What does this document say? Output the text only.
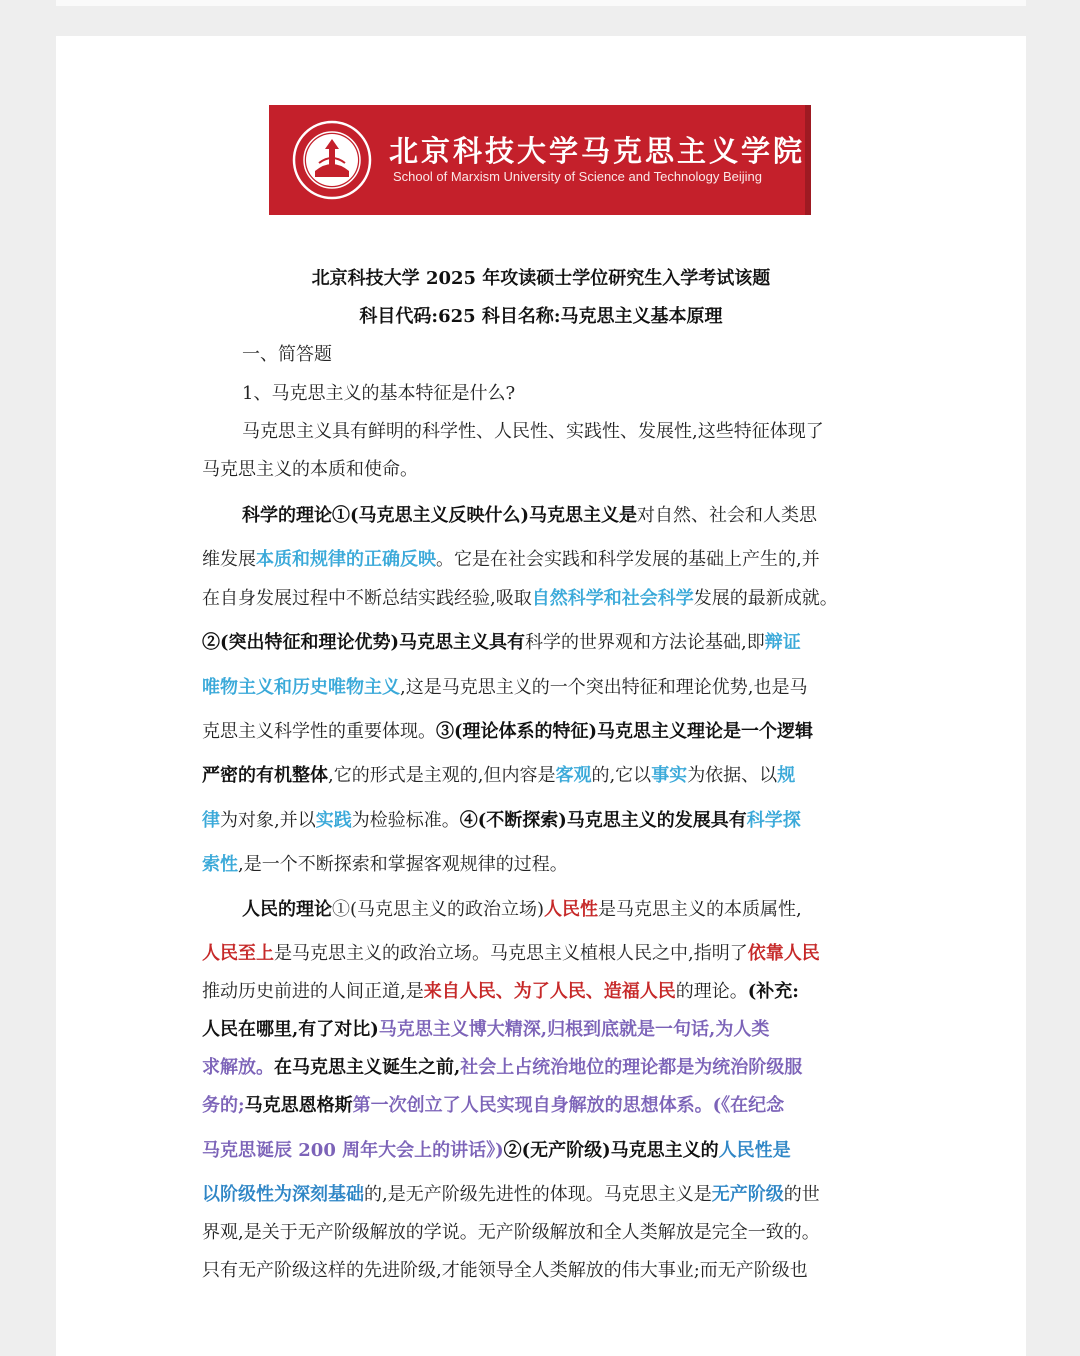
北京科技大学马克思主义学院
School of Marxism University of Science and Technology Beijing
北京科技大学 2025 年攻读硕士学位研究生入学考试该题
科目代码:625 科目名称:马克思主义基本原理
一、简答题
1、马克思主义的基本特征是什么?
马克思主义具有鲜明的科学性、人民性、实践性、发展性,这些特征体现了
马克思主义的本质和使命。
科学的理论①(马克思主义反映什么)马克思主义是对自然、社会和人类思
维发展本质和规律的正确反映。它是在社会实践和科学发展的基础上产生的,并
在自身发展过程中不断总结实践经验,吸取自然科学和社会科学发展的最新成就。
②(突出特征和理论优势)马克思主义具有科学的世界观和方法论基础,即辩证
唯物主义和历史唯物主义,这是马克思主义的一个突出特征和理论优势,也是马
克思主义科学性的重要体现。③(理论体系的特征)马克思主义理论是一个逻辑
严密的有机整体,它的形式是主观的,但内容是客观的,它以事实为依据、以规
律为对象,并以实践为检验标准。④(不断探索)马克思主义的发展具有科学探
索性,是一个不断探索和掌握客观规律的过程。
人民的理论①(马克思主义的政治立场)人民性是马克思主义的本质属性,
人民至上是马克思主义的政治立场。马克思主义植根人民之中,指明了依靠人民
推动历史前进的人间正道,是来自人民、为了人民、造福人民的理论。(补充:
人民在哪里,有了对比)马克思主义博大精深,归根到底就是一句话,为人类
求解放。在马克思主义诞生之前,社会上占统治地位的理论都是为统治阶级服
务的;马克思恩格斯第一次创立了人民实现自身解放的思想体系。(《在纪念
马克思诞辰 200 周年大会上的讲话》)②(无产阶级)马克思主义的人民性是
以阶级性为深刻基础的,是无产阶级先进性的体现。马克思主义是无产阶级的世
界观,是关于无产阶级解放的学说。无产阶级解放和全人类解放是完全一致的。
只有无产阶级这样的先进阶级,才能领导全人类解放的伟大事业;而无产阶级也
